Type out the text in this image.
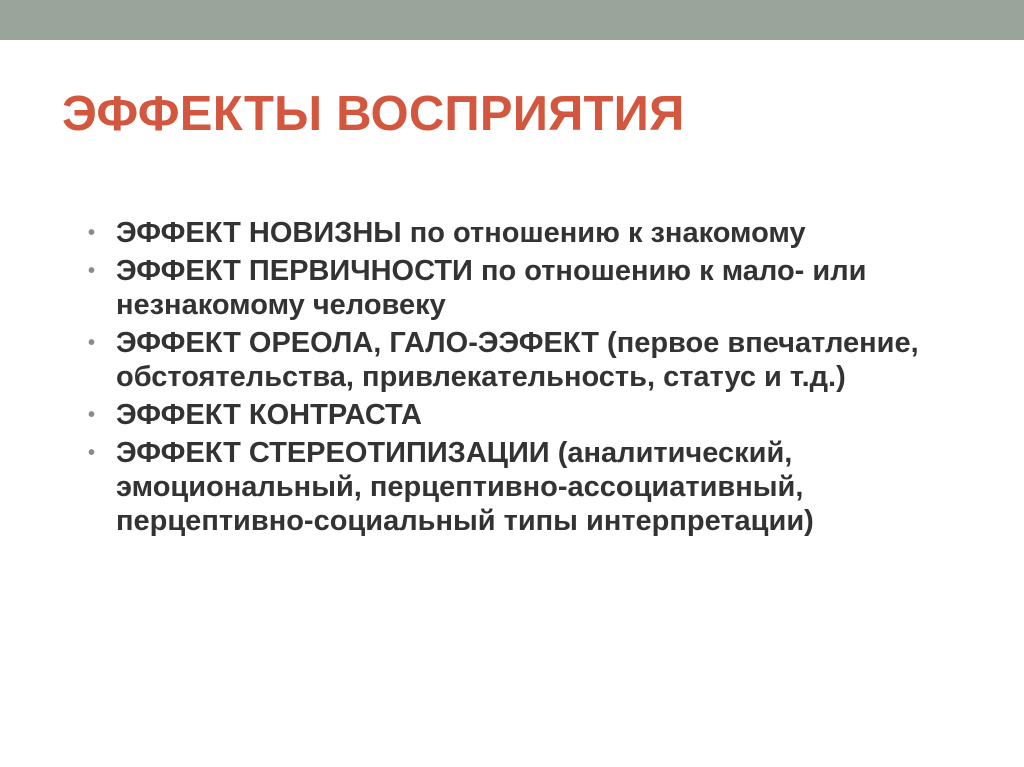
ЭФФЕКТЫ ВОСПРИЯТИЯ
• ЭФФЕКТ НОВИЗНЫ по отношению к знакомому
• ЭФФЕКТ ПЕРВИЧНОСТИ по отношению к мало- или незнакомому человеку
• ЭФФЕКТ ОРЕОЛА, ГАЛО-ЭЭФЕКТ (первое впечатление, обстоятельства, привлекательность, статус и т.д.)
• ЭФФЕКТ КОНТРАСТА
• ЭФФЕКТ СТЕРЕОТИПИЗАЦИИ (аналитический, эмоциональный, перцептивно-ассоциативный, перцептивно-социальный типы интерпретации)
